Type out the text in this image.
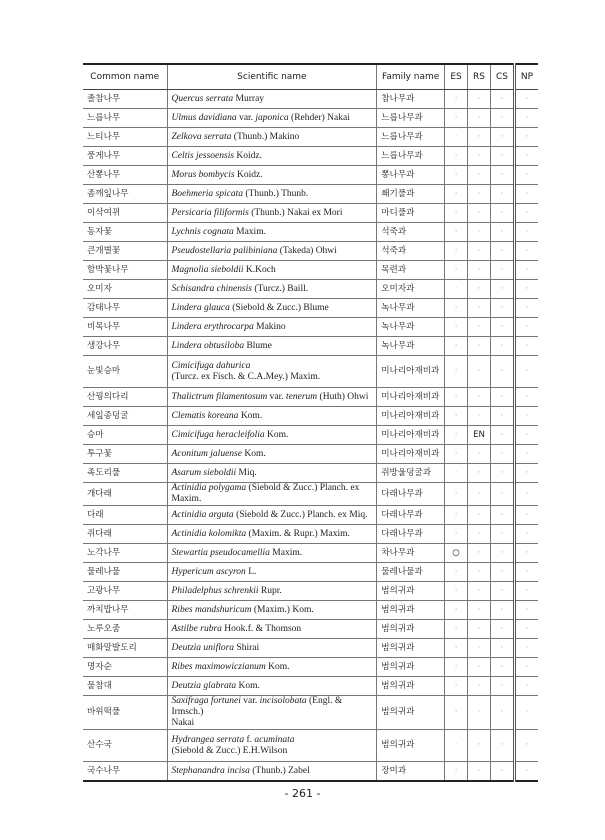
Common name	Scientific name	Family name	ES	RS	CS	NP
졸참나무	Quercus serrata Murray	참나무과	·	·	·	·
느릅나무	Ulmus davidiana var. japonica (Rehder) Nakai	느릅나무과	·	·	·	·
느티나무	Zelkova serrata (Thunb.) Makino	느릅나무과	·	·	·	·
풍게나무	Celtis jessoensis Koidz.	느릅나무과	·	·	·	·
산뽕나무	Morus bombycis Koidz.	뽕나무과	·	·	·	·
좀깨잎나무	Boehmeria spicata (Thunb.) Thunb.	쐐기풀과	·	·	·	·
이삭여뀌	Persicaria filiformis (Thunb.) Nakai ex Mori	마디풀과	·	·	·	·
동자꽃	Lychnis cognata Maxim.	석죽과	·	·	·	·
큰개별꽃	Pseudostellaria palibiniana (Takeda) Ohwi	석죽과	·	·	·	·
함박꽃나무	Magnolia sieboldii K.Koch	목련과	·	·	·	·
오미자	Schisandra chinensis (Turcz.) Baill.	오미자과	·	·	·	·
감태나무	Lindera glauca (Siebold & Zucc.) Blume	녹나무과	·	·	·	·
비목나무	Lindera erythrocarpa Makino	녹나무과	·	·	·	·
생강나무	Lindera obtusiloba Blume	녹나무과	·	·	·	·
눈빛승마	Cimicifuga dahurica
(Turcz. ex Fisch. & C.A.Mey.) Maxim.	미나리아재비과	·	·	·	·
산꿩의다리	Thalictrum filamentosum var. tenerum (Huth) Ohwi	미나리아재비과	·	·	·	·
세잎종덩굴	Clematis koreana Kom.	미나리아재비과	·	·	·	·
승마	Cimicifuga heracleifolia Kom.	미나리아재비과	·	EN	·	·
투구꽃	Aconitum jaluense Kom.	미나리아재비과	·	·	·	·
족도리풀	Asarum sieboldii Miq.	쥐방울덩굴과	·	·	·	·
개다래	Actinidia polygama (Siebold & Zucc.) Planch. ex Maxim.	다래나무과	·	·	·	·
다래	Actinidia arguta (Siebold & Zucc.) Planch. ex Miq.	다래나무과	·	·	·	·
쥐다래	Actinidia kolomikta (Maxim. & Rupr.) Maxim.	다래나무과	·	·	·	·
노각나무	Stewartia pseudocamellia Maxim.	차나무과	○	·	·	·
물레나물	Hypericum ascyron L.	물레나물과	·	·	·	·
고광나무	Philadelphus schrenkii Rupr.	범의귀과	·	·	·	·
까치밥나무	Ribes mandshuricum (Maxim.) Kom.	범의귀과	·	·	·	·
노루오줌	Astilbe rubra Hook.f. & Thomson	범의귀과	·	·	·	·
매화말발도리	Deutzia uniflora Shirai	범의귀과	·	·	·	·
명자순	Ribes maximowiczianum Kom.	범의귀과	·	·	·	·
물참대	Deutzia glabrata Kom.	범의귀과	·	·	·	·
바위떡풀	Saxifraga fortunei var. incisolobata (Engl. & Irmsch.)
Nakai	범의귀과	·	·	·	·
산수국	Hydrangea serrata f. acuminata
(Siebold & Zucc.) E.H.Wilson	범의귀과	·	·	·	·
국수나무	Stephanandra incisa (Thunb.) Zabel	장미과	·	·	·	·
- 261 -
